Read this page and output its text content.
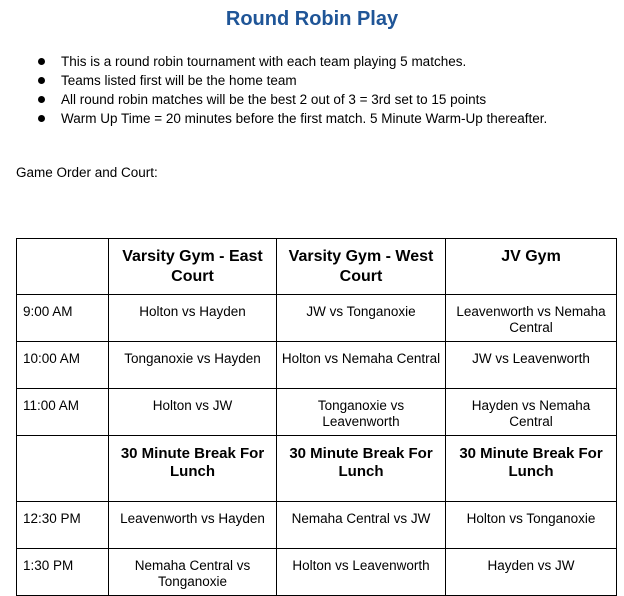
Round Robin Play
This is a round robin tournament with each team playing 5 matches.
Teams listed first will be the home team
All round robin matches will be the best 2 out of 3 = 3rd set to 15 points
Warm Up Time = 20 minutes before the first match. 5 Minute Warm-Up thereafter.
Game Order and Court:
	Varsity Gym - East Court	Varsity Gym - West Court	JV Gym
9:00 AM	Holton vs Hayden	JW vs Tonganoxie	Leavenworth vs Nemaha Central
10:00 AM	Tonganoxie vs Hayden	Holton vs Nemaha Central	JW vs Leavenworth
11:00 AM	Holton vs JW	Tonganoxie vs Leavenworth	Hayden vs Nemaha Central
	30 Minute Break For Lunch	30 Minute Break For Lunch	30 Minute Break For Lunch
12:30 PM	Leavenworth vs Hayden	Nemaha Central vs JW	Holton vs Tonganoxie
1:30 PM	Nemaha Central vs Tonganoxie	Holton vs Leavenworth	Hayden vs JW
